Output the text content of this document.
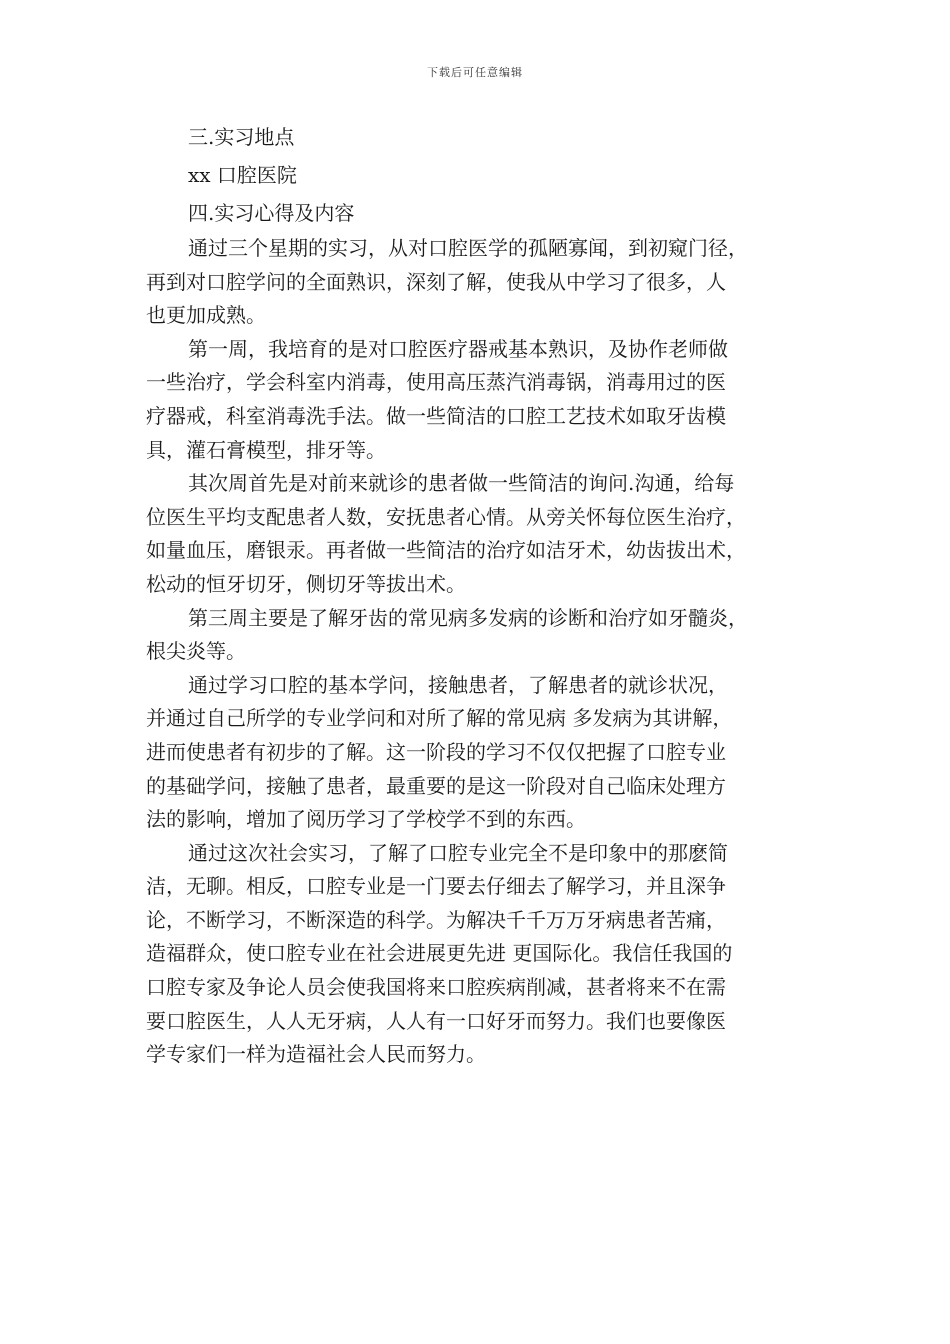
下载后可任意编辑
三.实习地点
xx 口腔医院
四.实习心得及内容
通过三个星期的实习，从对口腔医学的孤陋寡闻，到初窥门径，
再到对口腔学问的全面熟识，深刻了解，使我从中学习了很多，人
也更加成熟。
第一周，我培育的是对口腔医疗器戒基本熟识，及协作老师做
一些治疗，学会科室内消毒，使用高压蒸汽消毒锅，消毒用过的医
疗器戒，科室消毒洗手法。做一些简洁的口腔工艺技术如取牙齿模
具，灌石膏模型，排牙等。
其次周首先是对前来就诊的患者做一些简洁的询问.沟通，给每
位医生平均支配患者人数，安抚患者心情。从旁关怀每位医生治疗，
如量血压，磨银汞。再者做一些简洁的治疗如洁牙术，幼齿拔出术，
松动的恒牙切牙，侧切牙等拔出术。
第三周主要是了解牙齿的常见病多发病的诊断和治疗如牙髓炎，
根尖炎等。
通过学习口腔的基本学问，接触患者，了解患者的就诊状况，
并通过自己所学的专业学问和对所了解的常见病 多发病为其讲解，
进而使患者有初步的了解。这一阶段的学习不仅仅把握了口腔专业
的基础学问，接触了患者，最重要的是这一阶段对自己临床处理方
法的影响，增加了阅历学习了学校学不到的东西。
通过这次社会实习，了解了口腔专业完全不是印象中的那麽简
洁，无聊。相反，口腔专业是一门要去仔细去了解学习，并且深争
论，不断学习，不断深造的科学。为解决千千万万牙病患者苦痛，
造福群众，使口腔专业在社会进展更先进 更国际化。我信任我国的
口腔专家及争论人员会使我国将来口腔疾病削减，甚者将来不在需
要口腔医生，人人无牙病，人人有一口好牙而努力。我们也要像医
学专家们一样为造福社会人民而努力。
